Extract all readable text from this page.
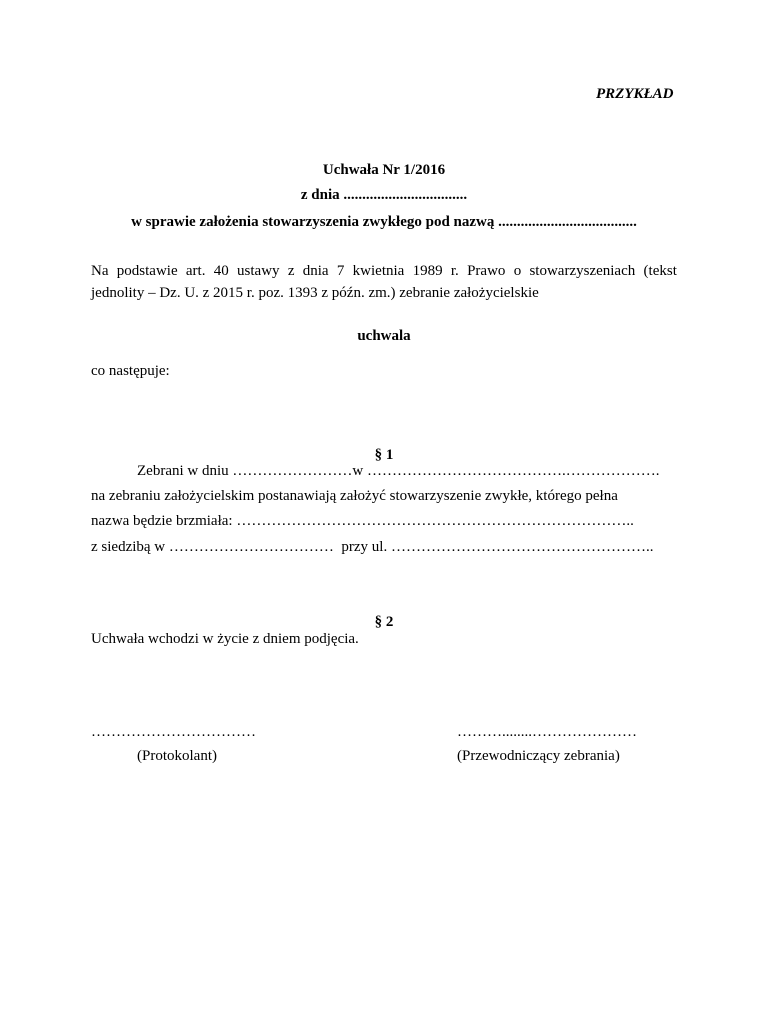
PRZYKŁAD
Uchwała Nr 1/2016
z dnia .................................
w sprawie założenia stowarzyszenia zwykłego pod nazwą .....................................
Na podstawie art. 40 ustawy z dnia 7 kwietnia 1989 r. Prawo o stowarzyszeniach (tekst
jednolity – Dz. U. z 2015 r. poz. 1393 z późn. zm.) zebranie założycielskie
uchwala
co następuje:
§ 1
Zebrani w dniu ……………………w ………………………………….……………….
na zebraniu założycielskim postanawiają założyć stowarzyszenie zwykłe, którego pełna
nazwa będzie brzmiała: ……………………………………………………………………..
z siedzibą w ……………………………  przy ul. ……………………………………………..
§ 2
Uchwała wchodzi w życie z dniem podjęcia.
……………………………
(Protokolant)
………........…………………
(Przewodniczący zebrania)
